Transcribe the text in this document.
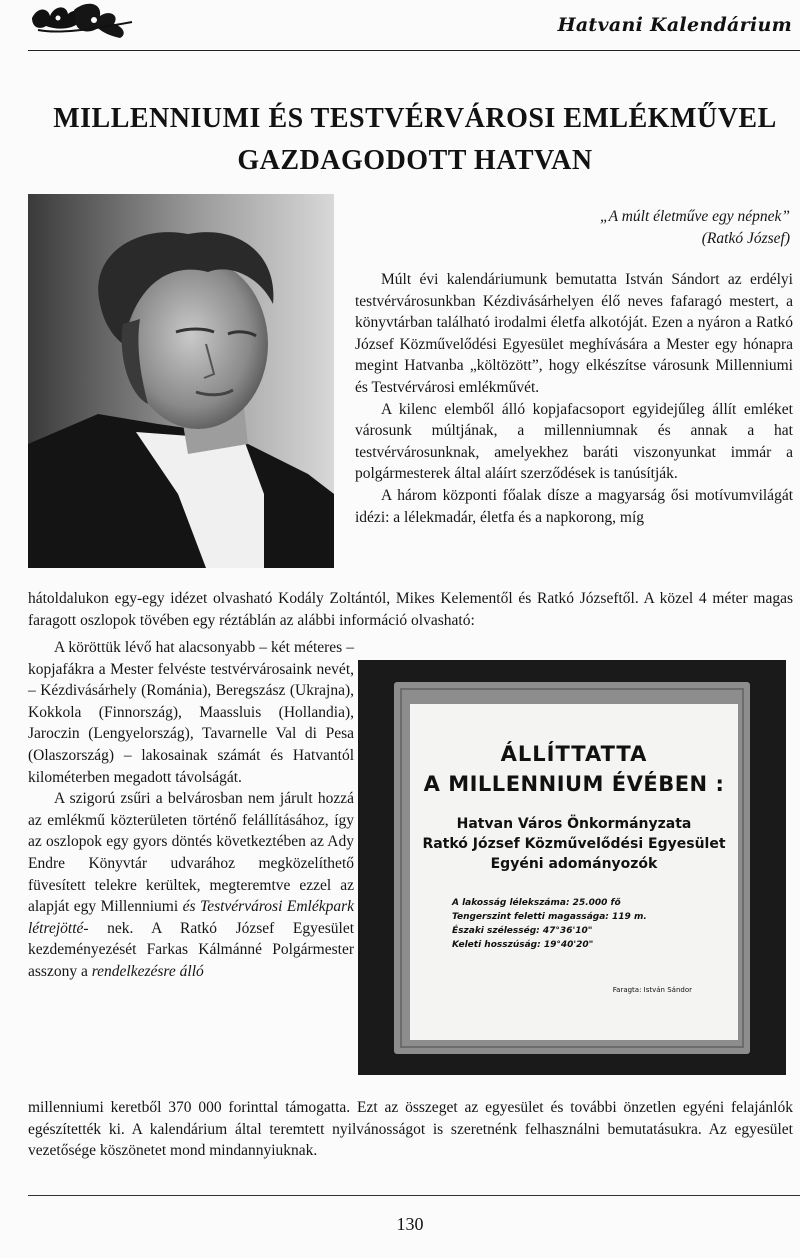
Hatvani Kalendárium
MILLENNIUMI ÉS TESTVÉRVÁROSI EMLÉKMŰVEL
GAZDAGODOTT HATVAN
„A múlt életműve egy népnek”
(Ratkó József)

Múlt évi kalendáriumunk bemutatta István Sándort az erdélyi testvérvárosunkban Kézdivásárhelyen élő neves fafaragó mestert, a könyvtárban található irodalmi életfa alkotóját. Ezen a nyáron a Ratkó József Közművelődési Egyesület meghívására a Mester egy hónapra megint Hatvanba „költözött”, hogy elkészítse városunk Millenniumi és Testvérvárosi emlékművét.

A kilenc elemből álló kopjafacsoport egyidejűleg állít emléket városunk múltjának, a millenniumnak és annak a hat testvérvárosunknak, amelyekhez baráti viszonyunkat immár a polgármesterek által aláírt szerződések is tanúsítják.

A három központi főalak dísze a magyarság ősi motívumvilágát idézi: a lélekmadár, életfa és a napkorong, míg

hátoldalukon egy-egy idézet olvasható Kodály Zoltántól, Mikes Kelementől és Ratkó Józseftől. A közel 4 méter magas faragott oszlopok tövében egy réztáblán az alábbi információ olvasható:

A köröttük lévő hat alacsonyabb – két méteres – kopjafákra a Mester felvéste testvérvárosaink nevét, – Kézdivásárhely (Románia), Beregszász (Ukrajna), Kokkola (Finnország), Maassluis (Hollandia), Jaroczin (Lengyelország), Tavarnelle Val di Pesa (Olaszország) – lakosainak számát és Hatvantól kilométerben megadott távolságát.

A szigorú zsűri a belvárosban nem járult hozzá az emlékmű közterületen történő felállításához, így az oszlopok egy gyors döntés következtében az Ady Endre Könyvtár udvarához megközelíthető füvesített telekre kerültek, megteremtve ezzel az alapját egy Millenniumi és Testvérvárosi Emlékpark létrejötté- nek. A Ratkó József Egyesület kezdeményezését Farkas Kálmánné Polgármester asszony a rendelkezésre álló

ÁLLÍTTATTA
A MILLENNIUM ÉVÉBEN :
Hatvan Város Önkormányzata
Ratkó József Közművelődési Egyesület
Egyéni adományozók
A lakosság lélekszáma: 25.000 fő
Tengerszint feletti magassága: 119 m.
Északi szélesség: 47°36'10"
Keleti hosszúság: 19°40'20"
Faragta: István Sándor

millenniumi keretből 370 000 forinttal támogatta. Ezt az összeget az egyesület és további önzetlen egyéni felajánlók egészítették ki. A kalendárium által teremtett nyilvánosságot is szeretnénk felhasználni bemutatásukra. Az egyesület vezetősége köszönetet mond mindannyiuknak.

130
